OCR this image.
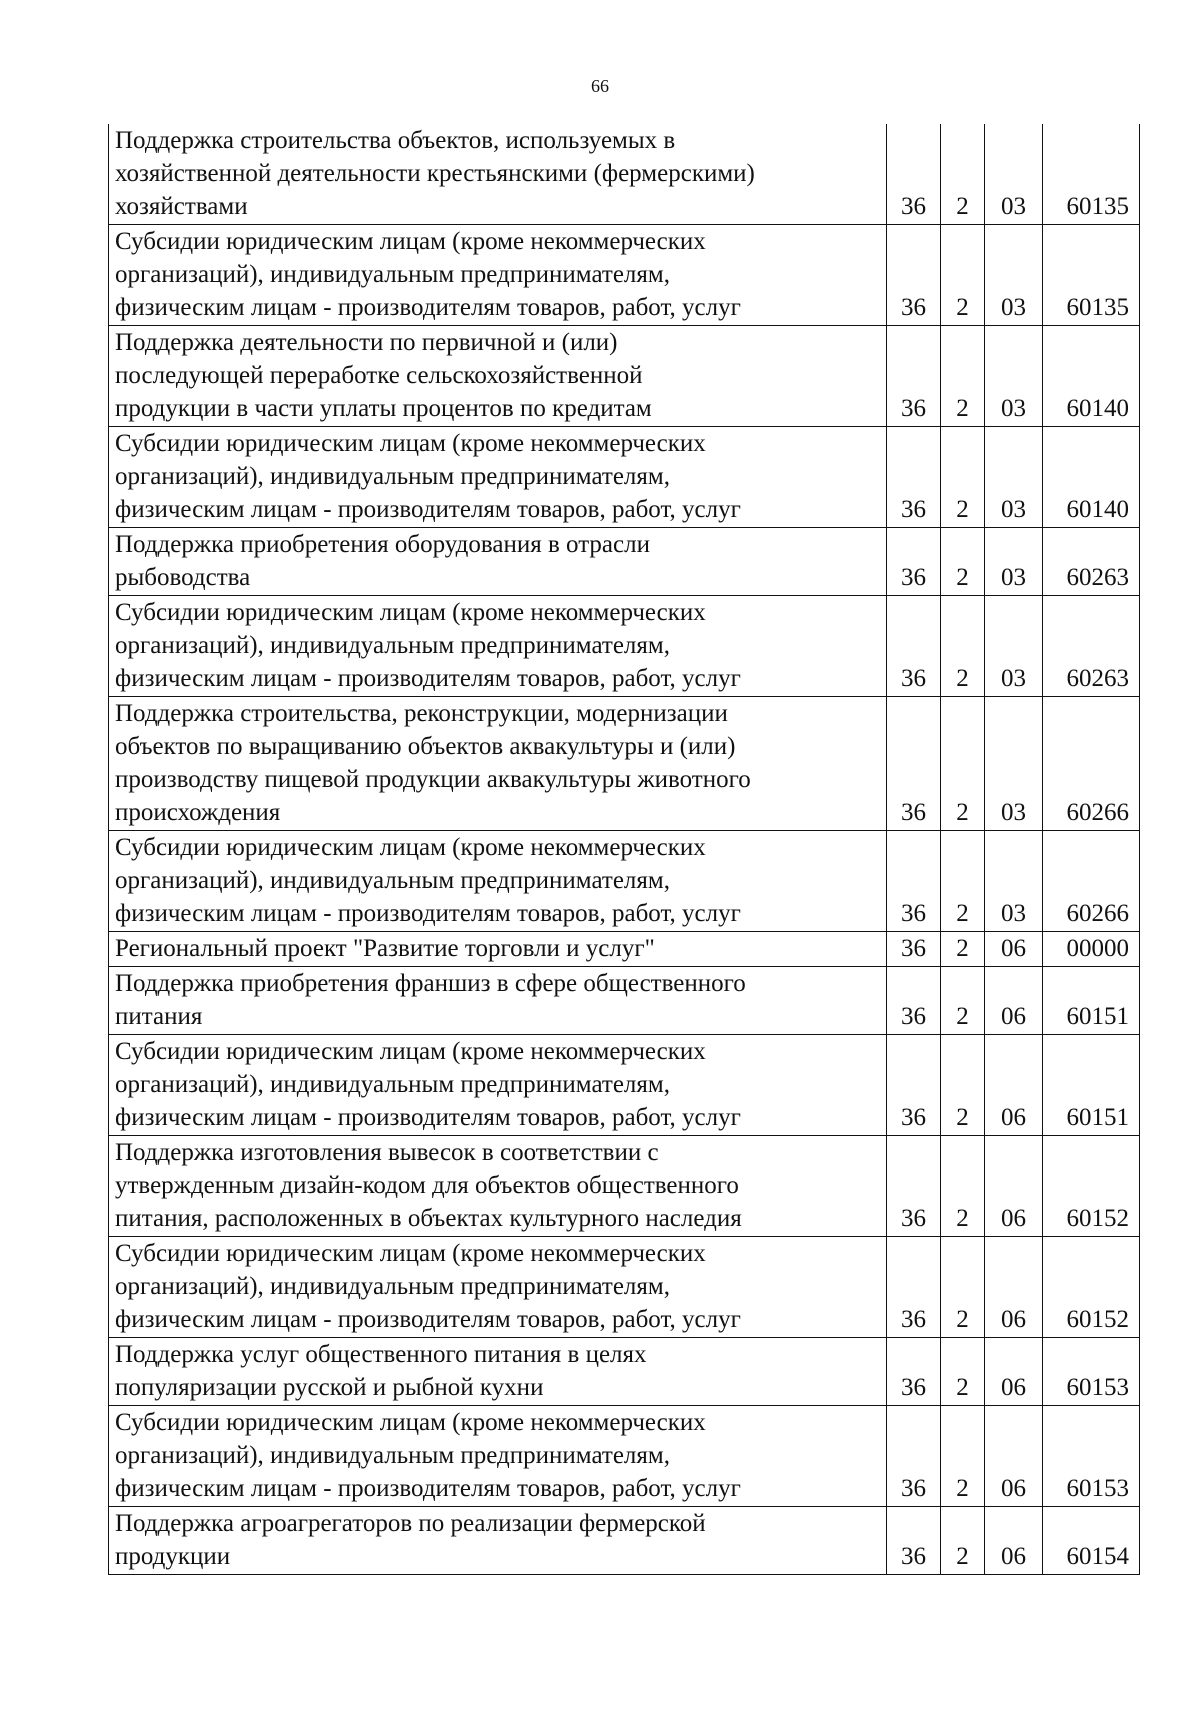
66
Поддержка строительства объектов, используемых в
хозяйственной деятельности крестьянскими (фермерскими)
хозяйствами	36	2	03	60135

Субсидии юридическим лицам (кроме некоммерческих
организаций), индивидуальным предпринимателям,
физическим лицам - производителям товаров, работ, услуг	36	2	03	60135

Поддержка деятельности по первичной и (или)
последующей переработке сельскохозяйственной
продукции в части уплаты процентов по кредитам	36	2	03	60140

Субсидии юридическим лицам (кроме некоммерческих
организаций), индивидуальным предпринимателям,
физическим лицам - производителям товаров, работ, услуг	36	2	03	60140

Поддержка приобретения оборудования в отрасли
рыбоводства	36	2	03	60263

Субсидии юридическим лицам (кроме некоммерческих
организаций), индивидуальным предпринимателям,
физическим лицам - производителям товаров, работ, услуг	36	2	03	60263

Поддержка строительства, реконструкции, модернизации
объектов по выращиванию объектов аквакультуры и (или)
производству пищевой продукции аквакультуры животного
происхождения	36	2	03	60266

Субсидии юридическим лицам (кроме некоммерческих
организаций), индивидуальным предпринимателям,
физическим лицам - производителям товаров, работ, услуг	36	2	03	60266

Региональный проект "Развитие торговли и услуг"	36	2	06	00000

Поддержка приобретения франшиз в сфере общественного
питания	36	2	06	60151

Субсидии юридическим лицам (кроме некоммерческих
организаций), индивидуальным предпринимателям,
физическим лицам - производителям товаров, работ, услуг	36	2	06	60151

Поддержка изготовления вывесок в соответствии с
утвержденным дизайн-кодом для объектов общественного
питания, расположенных в объектах культурного наследия	36	2	06	60152

Субсидии юридическим лицам (кроме некоммерческих
организаций), индивидуальным предпринимателям,
физическим лицам - производителям товаров, работ, услуг	36	2	06	60152

Поддержка услуг общественного питания в целях
популяризации русской и рыбной кухни	36	2	06	60153

Субсидии юридическим лицам (кроме некоммерческих
организаций), индивидуальным предпринимателям,
физическим лицам - производителям товаров, работ, услуг	36	2	06	60153

Поддержка агроагрегаторов по реализации фермерской
продукции	36	2	06	60154
